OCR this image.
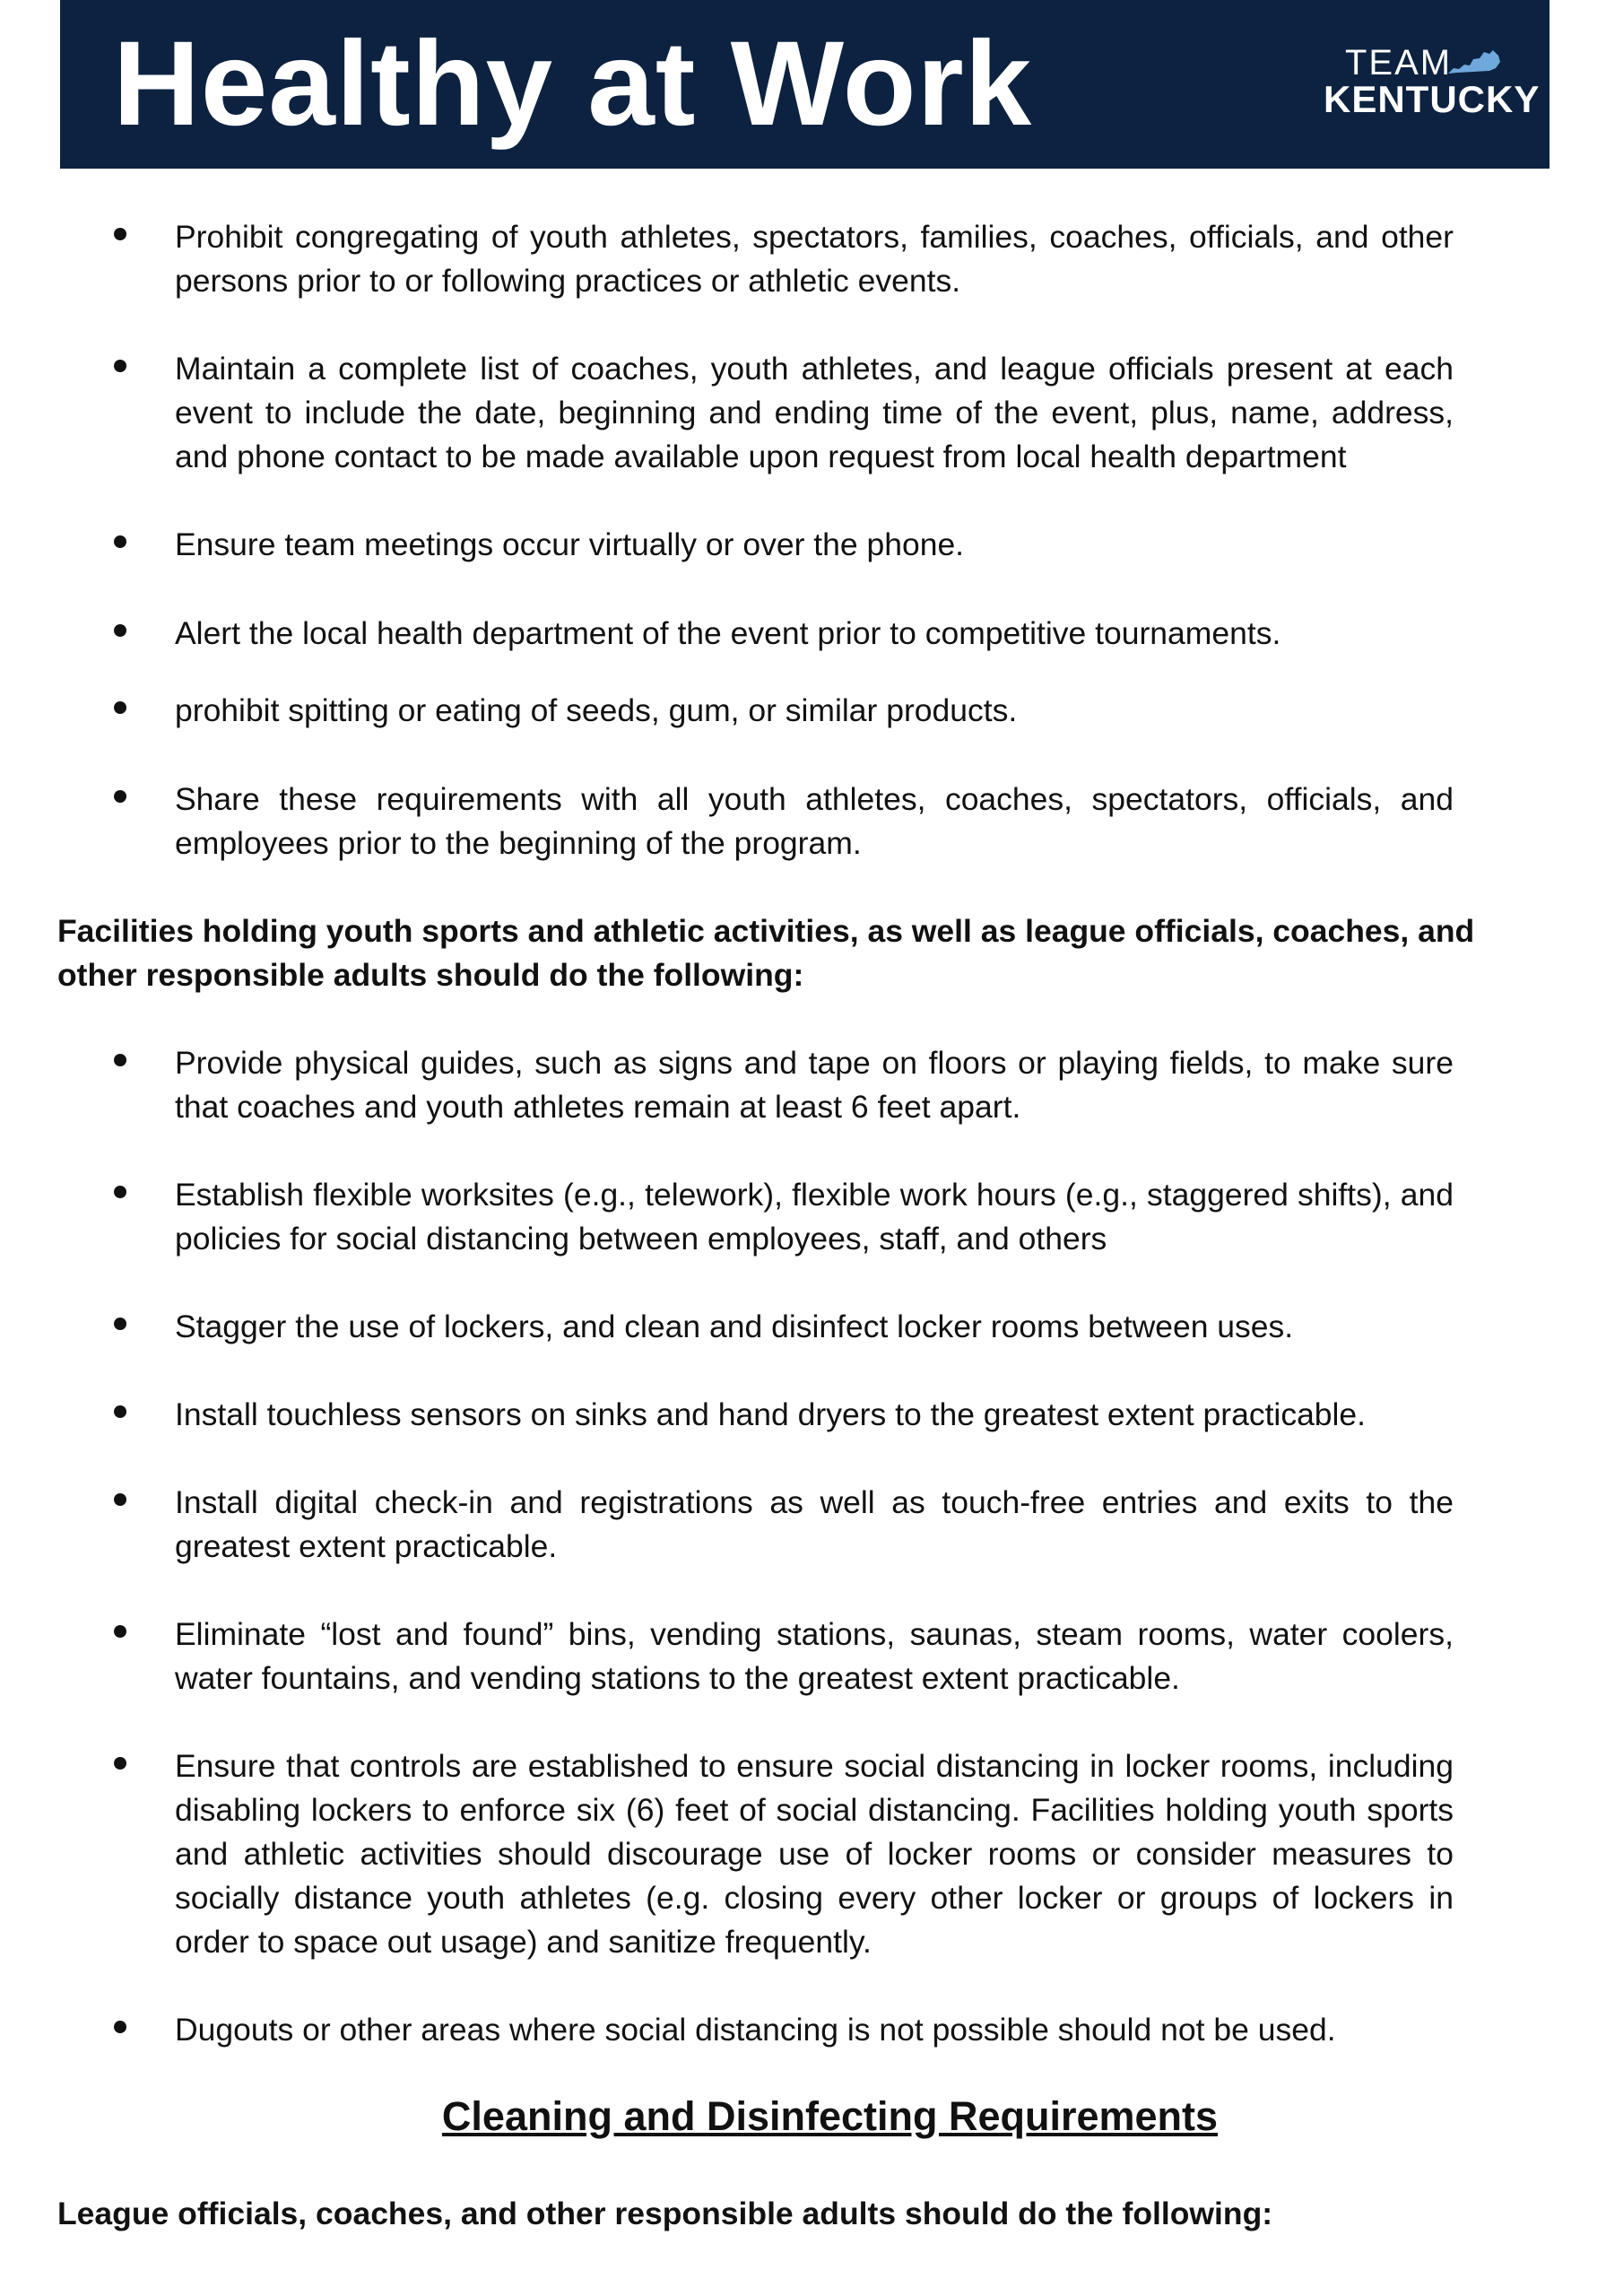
Healthy at Work	TEAM
KENTUCKY
Prohibit congregating of youth athletes, spectators, families, coaches, officials, and other persons prior to or following practices or athletic events.
Maintain a complete list of coaches, youth athletes, and league officials present at each event to include the date, beginning and ending time of the event, plus, name, address, and phone contact to be made available upon request from local health department
Ensure team meetings occur virtually or over the phone.
Alert the local health department of the event prior to competitive tournaments.
prohibit spitting or eating of seeds, gum, or similar products.
Share these requirements with all youth athletes, coaches, spectators, officials, and employees prior to the beginning of the program.

Facilities holding youth sports and athletic activities, as well as league officials, coaches, and other responsible adults should do the following:

Provide physical guides, such as signs and tape on floors or playing fields, to make sure that coaches and youth athletes remain at least 6 feet apart.
Establish flexible worksites (e.g., telework), flexible work hours (e.g., staggered shifts), and policies for social distancing between employees, staff, and others
Stagger the use of lockers, and clean and disinfect locker rooms between uses.
Install touchless sensors on sinks and hand dryers to the greatest extent practicable.
Install digital check-in and registrations as well as touch-free entries and exits to the greatest extent practicable.
Eliminate “lost and found” bins, vending stations, saunas, steam rooms, water coolers, water fountains, and vending stations to the greatest extent practicable.
Ensure that controls are established to ensure social distancing in locker rooms, including disabling lockers to enforce six (6) feet of social distancing. Facilities holding youth sports and athletic activities should discourage use of locker rooms or consider measures to socially distance youth athletes (e.g. closing every other locker or groups of lockers in order to space out usage) and sanitize frequently.
Dugouts or other areas where social distancing is not possible should not be used.
Cleaning and Disinfecting Requirements

League officials, coaches, and other responsible adults should do the following:
